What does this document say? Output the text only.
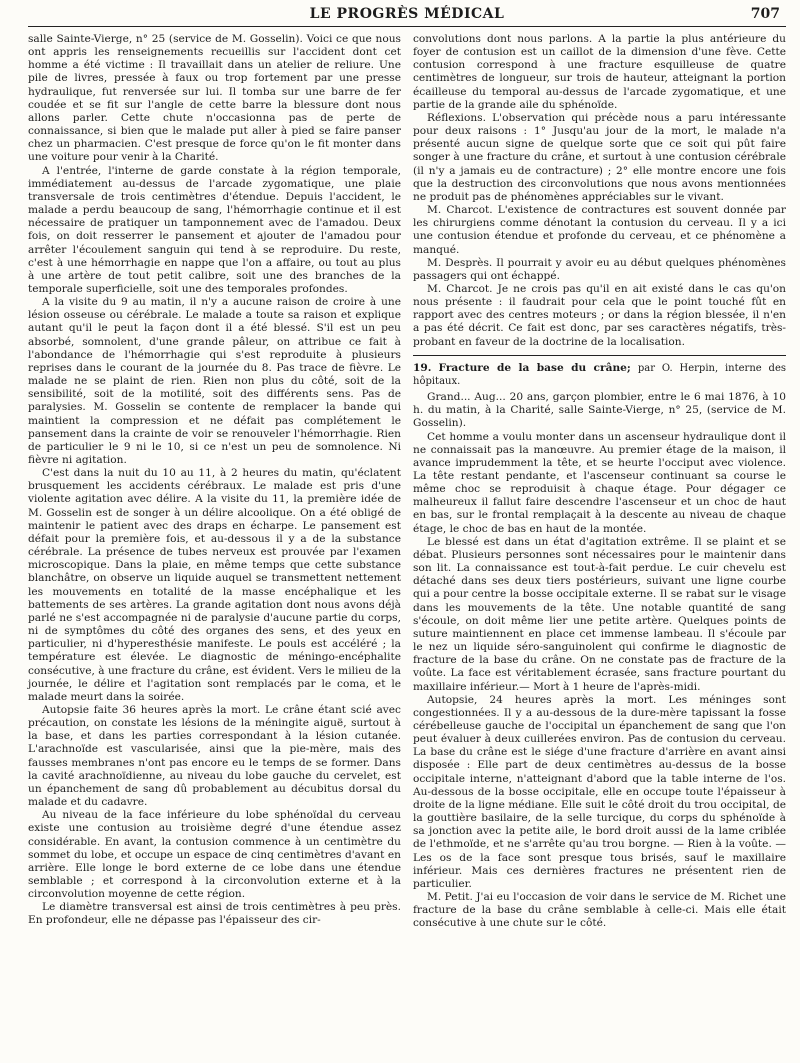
LE PROGRÈS MÉDICAL	707

salle Sainte-Vierge, n° 25 (service de M. Gosselin). Voici ce que nous ont appris les renseignements recueillis sur l'accident dont cet homme a été victime : Il travaillait dans un atelier de reliure. Une pile de livres, pressée à faux ou trop fortement par une presse hydraulique, fut renversée sur lui. Il tomba sur une barre de fer coudée et se fit sur l'angle de cette barre la blessure dont nous allons parler. Cette chute n'occasionna pas de perte de connaissance, si bien que le malade put aller à pied se faire panser chez un pharmacien. C'est presque de force qu'on le fit monter dans une voiture pour venir à la Charité.

A l'entrée, l'interne de garde constate à la région temporale, immédiatement au-dessus de l'arcade zygomatique, une plaie transversale de trois centimètres d'étendue. Depuis l'accident, le malade a perdu beaucoup de sang, l'hémorrhagie continue et il est nécessaire de pratiquer un tamponnement avec de l'amadou. Deux fois, on doit resserrer le pansement et ajouter de l'amadou pour arrêter l'écoulement sanguin qui tend à se reproduire. Du reste, c'est à une hémorrhagie en nappe que l'on a affaire, ou tout au plus à une artère de tout petit calibre, soit une des branches de la temporale superficielle, soit une des temporales profondes.

A la visite du 9 au matin, il n'y a aucune raison de croire à une lésion osseuse ou cérébrale. Le malade a toute sa raison et explique autant qu'il le peut la façon dont il a été blessé. S'il est un peu absorbé, somnolent, d'une grande pâleur, on attribue ce fait à l'abondance de l'hémorrhagie qui s'est reproduite à plusieurs reprises dans le courant de la journée du 8. Pas trace de fièvre. Le malade ne se plaint de rien. Rien non plus du côté, soit de la sensibilité, soit de la motilité, soit des différents sens. Pas de paralysies. M. Gosselin se contente de remplacer la bande qui maintient la compression et ne défait pas complétement le pansement dans la crainte de voir se renouveler l'hémorrhagie. Rien de particulier le 9 ni le 10, si ce n'est un peu de somnolence. Ni fièvre ni agitation.

C'est dans la nuit du 10 au 11, à 2 heures du matin, qu'éclatent brusquement les accidents cérébraux. Le malade est pris d'une violente agitation avec délire. A la visite du 11, la première idée de M. Gosselin est de songer à un délire alcoolique. On a été obligé de maintenir le patient avec des draps en écharpe. Le pansement est défait pour la première fois, et au-dessous il y a de la substance cérébrale. La présence de tubes nerveux est prouvée par l'examen microscopique. Dans la plaie, en même temps que cette substance blanchâtre, on observe un liquide auquel se transmettent nettement les mouvements en totalité de la masse encéphalique et les battements de ses artères. La grande agitation dont nous avons déjà parlé ne s'est accompagnée ni de paralysie d'aucune partie du corps, ni de symptômes du côté des organes des sens, et des yeux en particulier, ni d'hyperesthésie manifeste. Le pouls est accéléré ; la température est élevée. Le diagnostic de méningo-encéphalite consécutive, à une fracture du crâne, est évident. Vers le milieu de la journée, le délire et l'agitation sont remplacés par le coma, et le malade meurt dans la soirée.

Autopsie faite 36 heures après la mort. Le crâne étant scié avec précaution, on constate les lésions de la méningite aiguë, surtout à la base, et dans les parties correspondant à la lésion cutanée. L'arachnoïde est vascularisée, ainsi que la pie-mère, mais des fausses membranes n'ont pas encore eu le temps de se former. Dans la cavité arachnoïdienne, au niveau du lobe gauche du cervelet, est un épanchement de sang dû probablement au décubitus dorsal du malade et du cadavre.

Au niveau de la face inférieure du lobe sphénoïdal du cerveau existe une contusion au troisième degré d'une étendue assez considérable. En avant, la contusion commence à un centimètre du sommet du lobe, et occupe un espace de cinq centimètres d'avant en arrière. Elle longe le bord externe de ce lobe dans une étendue semblable ; et correspond à la circonvolution externe et à la circonvolution moyenne de cette région.

Le diamètre transversal est ainsi de trois centimètres à peu près. En profondeur, elle ne dépasse pas l'épaisseur des cir-

convolutions dont nous parlons. A la partie la plus antérieure du foyer de contusion est un caillot de la dimension d'une fève. Cette contusion correspond à une fracture esquilleuse de quatre centimètres de longueur, sur trois de hauteur, atteignant la portion écailleuse du temporal au-dessus de l'arcade zygomatique, et une partie de la grande aile du sphénoïde.

Réflexions. L'observation qui précède nous a paru intéressante pour deux raisons : 1° Jusqu'au jour de la mort, le malade n'a présenté aucun signe de quelque sorte que ce soit qui pût faire songer à une fracture du crâne, et surtout à une contusion cérébrale (il n'y a jamais eu de contracture) ; 2° elle montre encore une fois que la destruction des circonvolutions que nous avons mentionnées ne produit pas de phénomènes appréciables sur le vivant.

M. Charcot. L'existence de contractures est souvent donnée par les chirurgiens comme dénotant la contusion du cerveau. Il y a ici une contusion étendue et profonde du cerveau, et ce phénomène a manqué.

M. Desprès. Il pourrait y avoir eu au début quelques phénomènes passagers qui ont échappé.

M. Charcot. Je ne crois pas qu'il en ait existé dans le cas qu'on nous présente : il faudrait pour cela que le point touché fût en rapport avec des centres moteurs ; or dans la région blessée, il n'en a pas été décrit. Ce fait est donc, par ses caractères négatifs, très-probant en faveur de la doctrine de la localisation.

19. Fracture de la base du crâne; par O. Herpin, interne des hôpitaux.

Grand... Aug... 20 ans, garçon plombier, entre le 6 mai 1876, à 10 h. du matin, à la Charité, salle Sainte-Vierge, n° 25, (service de M. Gosselin).

Cet homme a voulu monter dans un ascenseur hydraulique dont il ne connaissait pas la manœuvre. Au premier étage de la maison, il avance imprudemment la tête, et se heurte l'occiput avec violence. La tête restant pendante, et l'ascenseur continuant sa course le même choc se reproduisit à chaque étage. Pour dégager ce malheureux il fallut faire descendre l'ascenseur et un choc de haut en bas, sur le frontal remplaçait à la descente au niveau de chaque étage, le choc de bas en haut de la montée.

Le blessé est dans un état d'agitation extrême. Il se plaint et se débat. Plusieurs personnes sont nécessaires pour le maintenir dans son lit. La connaissance est tout-à-fait perdue. Le cuir chevelu est détaché dans ses deux tiers postérieurs, suivant une ligne courbe qui a pour centre la bosse occipitale externe. Il se rabat sur le visage dans les mouvements de la tête. Une notable quantité de sang s'écoule, on doit même lier une petite artère. Quelques points de suture maintiennent en place cet immense lambeau. Il s'écoule par le nez un liquide séro-sanguinolent qui confirme le diagnostic de fracture de la base du crâne. On ne constate pas de fracture de la voûte. La face est véritablement écrasée, sans fracture pourtant du maxillaire inférieur.— Mort à 1 heure de l'après-midi.

Autopsie, 24 heures après la mort. Les méninges sont congestionnées. Il y a au-dessous de la dure-mère tapissant la fosse cérébelleuse gauche de l'occipital un épanchement de sang que l'on peut évaluer à deux cuillerées environ. Pas de contusion du cerveau. La base du crâne est le siége d'une fracture d'arrière en avant ainsi disposée : Elle part de deux centimètres au-dessus de la bosse occipitale interne, n'atteignant d'abord que la table interne de l'os. Au-dessous de la bosse occipitale, elle en occupe toute l'épaisseur à droite de la ligne médiane. Elle suit le côté droit du trou occipital, de la gouttière basilaire, de la selle turcique, du corps du sphénoïde à sa jonction avec la petite aile, le bord droit aussi de la lame criblée de l'ethmoïde, et ne s'arrête qu'au trou borgne. — Rien à la voûte. — Les os de la face sont presque tous brisés, sauf le maxillaire inférieur. Mais ces dernières fractures ne présentent rien de particulier.

M. Petit. J'ai eu l'occasion de voir dans le service de M. Richet une fracture de la base du crâne semblable à celle-ci. Mais elle était consécutive à une chute sur le côté.
